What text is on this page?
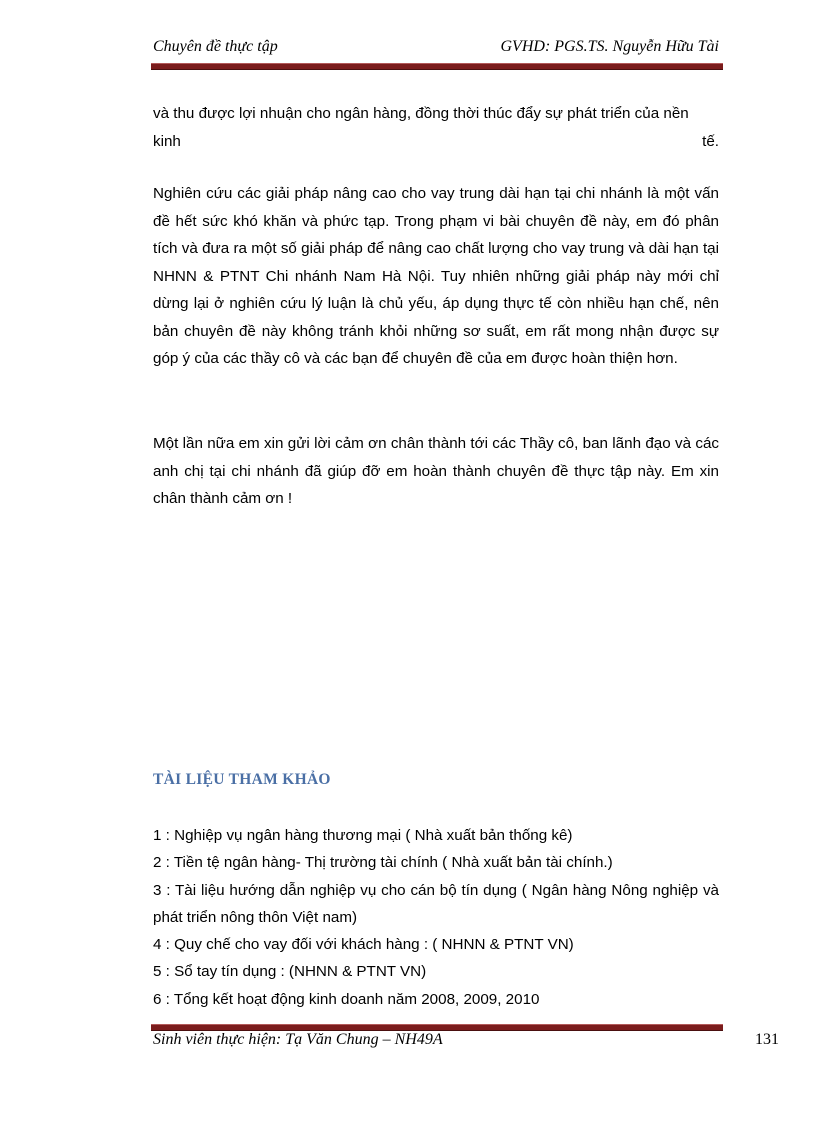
Chuyên đề thực tập	GVHD: PGS.TS. Nguyễn Hữu Tài
và thu được lợi nhuận cho ngân hàng, đồng thời thúc đẩy sự phát triển của nền
kinh	tế.
Nghiên cứu các giải pháp nâng cao cho vay trung dài hạn tại chi nhánh là một vấn đề hết sức khó khăn và phức tạp. Trong phạm vi bài chuyên đề này, em đó phân tích và đưa ra một số giải pháp để nâng cao chất lượng cho vay trung và dài hạn tại NHNN & PTNT Chi nhánh Nam Hà Nội. Tuy nhiên những giải pháp này mới chỉ dừng lại ở nghiên cứu lý luận là chủ yếu, áp dụng thực tế còn nhiều hạn chế, nên bản chuyên đề này không tránh khỏi những sơ suất, em rất mong nhận được sự góp ý của các thầy cô và các bạn để chuyên đề của em được hoàn thiện hơn.
Một lần nữa em xin gửi lời cảm ơn chân thành tới các Thầy cô, ban lãnh đạo và các anh chị tại chi nhánh đã giúp đỡ em hoàn thành chuyên đề thực tập này. Em xin chân thành cảm ơn !
TÀI LIỆU THAM KHẢO
1 : Nghiệp vụ ngân hàng thương mại ( Nhà xuất bản thống kê)
2 : Tiền tệ ngân hàng- Thị trường tài chính ( Nhà xuất bản tài chính.)
3 : Tài liệu hướng dẫn nghiệp vụ cho cán bộ tín dụng ( Ngân hàng Nông nghiệp và phát triển nông thôn Việt nam)
4 : Quy chế cho vay đối với khách hàng : ( NHNN & PTNT VN)
5 : Sổ tay tín dụng : (NHNN & PTNT VN)
6 : Tổng kết hoạt động kinh doanh năm 2008, 2009, 2010
Sinh viên thực hiện: Tạ Văn Chung – NH49A	131
